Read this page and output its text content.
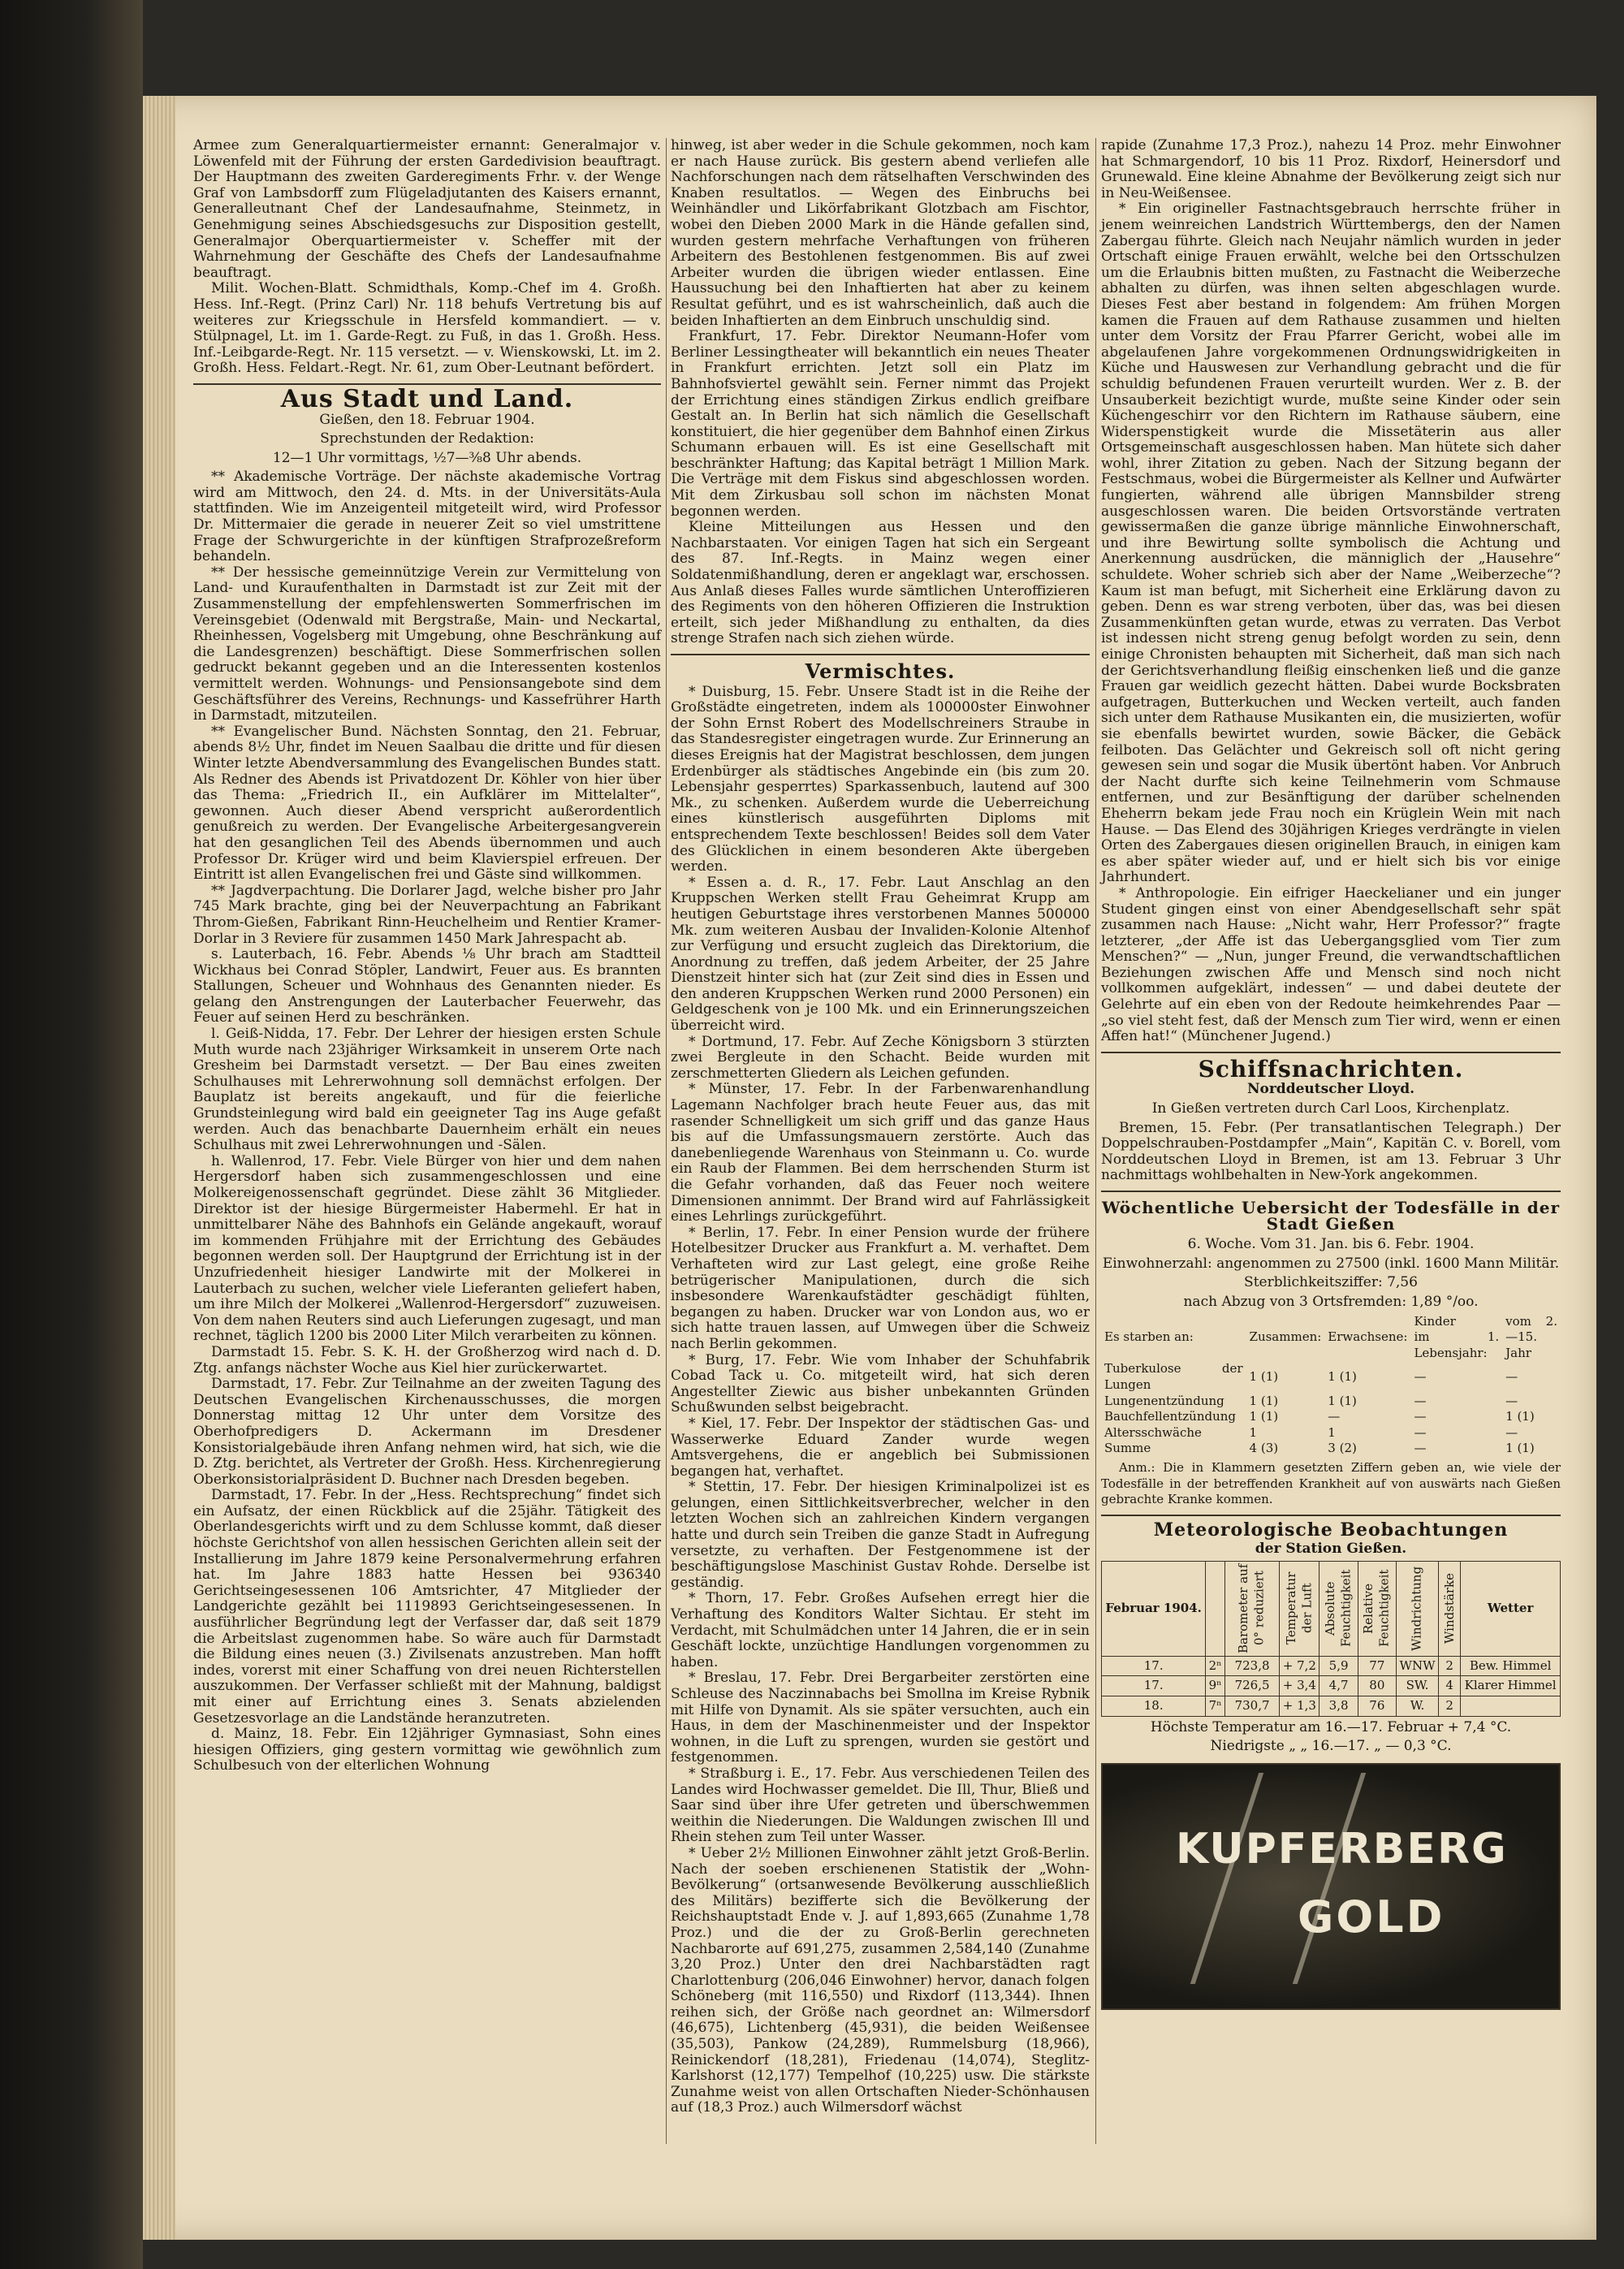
Armee zum Generalquartiermeister ernannt: Generalmajor v. Löwenfeld mit der Führung der ersten Gardedivision beauftragt. Der Hauptmann des zweiten Garderegiments Frhr. v. der Wenge Graf von Lambsdorff zum Flügeladjutanten des Kaisers ernannt, Generalleutnant Chef der Landesaufnahme, Steinmetz, in Genehmigung seines Abschiedsgesuchs zur Disposition gestellt, Generalmajor Oberquartiermeister v. Scheffer mit der Wahrnehmung der Geschäfte des Chefs der Landesaufnahme beauftragt.

Milit. Wochen-Blatt. Schmidthals, Komp.-Chef im 4. Großh. Hess. Inf.-Regt. (Prinz Carl) Nr. 118 behufs Vertretung bis auf weiteres zur Kriegsschule in Hersfeld kommandiert. — v. Stülpnagel, Lt. im 1. Garde-Regt. zu Fuß, in das 1. Großh. Hess. Inf.-Leibgarde-Regt. Nr. 115 versetzt. — v. Wienskowski, Lt. im 2. Großh. Hess. Feldart.-Regt. Nr. 61, zum Ober-Leutnant befördert.

Aus Stadt und Land.
Gießen, den 18. Februar 1904.
Sprechstunden der Redaktion:
12—1 Uhr vormittags, ½7—⅜8 Uhr abends.

** Akademische Vorträge. Der nächste akademische Vortrag wird am Mittwoch, den 24. d. Mts. in der Universitäts-Aula stattfinden. Wie im Anzeigenteil mitgeteilt wird, wird Professor Dr. Mittermaier die gerade in neuerer Zeit so viel umstrittene Frage der Schwurgerichte in der künftigen Strafprozeßreform behandeln.

** Der hessische gemeinnützige Verein zur Vermittelung von Land- und Kuraufenthalten in Darmstadt ist zur Zeit mit der Zusammenstellung der empfehlenswerten Sommerfrischen im Vereinsgebiet (Odenwald mit Bergstraße, Main- und Neckartal, Rheinhessen, Vogelsberg mit Umgebung, ohne Beschränkung auf die Landesgrenzen) beschäftigt. Diese Sommerfrischen sollen gedruckt bekannt gegeben und an die Interessenten kostenlos vermittelt werden. Wohnungs- und Pensionsangebote sind dem Geschäftsführer des Vereins, Rechnungs- und Kassefrührer Harth in Darmstadt, mitzuteilen.

** Evangelischer Bund. Nächsten Sonntag, den 21. Februar, abends 8½ Uhr, findet im Neuen Saalbau die dritte und für diesen Winter letzte Abendversammlung des Evangelischen Bundes statt. Als Redner des Abends ist Privatdozent Dr. Köhler von hier über das Thema: „Friedrich II., ein Aufklärer im Mittelalter“, gewonnen. Auch dieser Abend verspricht außerordentlich genußreich zu werden. Der Evangelische Arbeitergesangverein hat den gesanglichen Teil des Abends übernommen und auch Professor Dr. Krüger wird und beim Klavierspiel erfreuen. Der Eintritt ist allen Evangelischen frei und Gäste sind willkommen.

** Jagdverpachtung. Die Dorlarer Jagd, welche bisher pro Jahr 745 Mark brachte, ging bei der Neuverpachtung an Fabrikant Throm-Gießen, Fabrikant Rinn-Heuchelheim und Rentier Kramer-Dorlar in 3 Reviere für zusammen 1450 Mark Jahrespacht ab.

s. Lauterbach, 16. Febr. Abends ⅛ Uhr brach am Stadtteil Wickhaus bei Conrad Stöpler, Landwirt, Feuer aus. Es brannten Stallungen, Scheuer und Wohnhaus des Genannten nieder. Es gelang den Anstrengungen der Lauterbacher Feuerwehr, das Feuer auf seinen Herd zu beschränken.

l. Geiß-Nidda, 17. Febr. Der Lehrer der hiesigen ersten Schule Muth wurde nach 23jähriger Wirksamkeit in unserem Orte nach Gresheim bei Darmstadt versetzt. — Der Bau eines zweiten Schulhauses mit Lehrerwohnung soll demnächst erfolgen. Der Bauplatz ist bereits angekauft, und für die feierliche Grundsteinlegung wird bald ein geeigneter Tag ins Auge gefaßt werden. Auch das benachbarte Dauernheim erhält ein neues Schulhaus mit zwei Lehrerwohnungen und -Sälen.

h. Wallenrod, 17. Febr. Viele Bürger von hier und dem nahen Hergersdorf haben sich zusammengeschlossen und eine Molkereigenossenschaft gegründet. Diese zählt 36 Mitglieder. Direktor ist der hiesige Bürgermeister Habermehl. Er hat in unmittelbarer Nähe des Bahnhofs ein Gelände angekauft, worauf im kommenden Frühjahre mit der Errichtung des Gebäudes begonnen werden soll. Der Hauptgrund der Errichtung ist in der Unzufriedenheit hiesiger Landwirte mit der Molkerei in Lauterbach zu suchen, welcher viele Lieferanten geliefert haben, um ihre Milch der Molkerei „Wallenrod-Hergersdorf“ zuzuweisen. Von dem nahen Reuters sind auch Lieferungen zugesagt, und man rechnet, täglich 1200 bis 2000 Liter Milch verarbeiten zu können.

Darmstadt 15. Febr. S. K. H. der Großherzog wird nach d. D. Ztg. anfangs nächster Woche aus Kiel hier zurückerwartet.

Darmstadt, 17. Febr. Zur Teilnahme an der zweiten Tagung des Deutschen Evangelischen Kirchenausschusses, die morgen Donnerstag mittag 12 Uhr unter dem Vorsitze des Oberhofpredigers D. Ackermann im Dresdener Konsistorialgebäude ihren Anfang nehmen wird, hat sich, wie die D. Ztg. berichtet, als Vertreter der Großh. Hess. Kirchenregierung Oberkonsistorialpräsident D. Buchner nach Dresden begeben.

Darmstadt, 17. Febr. In der „Hess. Rechtsprechung“ findet sich ein Aufsatz, der einen Rückblick auf die 25jähr. Tätigkeit des Oberlandesgerichts wirft und zu dem Schlusse kommt, daß dieser höchste Gerichtshof von allen hessischen Gerichten allein seit der Installierung im Jahre 1879 keine Personalvermehrung erfahren hat. Im Jahre 1883 hatte Hessen bei 936340 Gerichtseingesessenen 106 Amtsrichter, 47 Mitglieder der Landgerichte gezählt bei 1119893 Gerichtseingesessenen. In ausführlicher Begründung legt der Verfasser dar, daß seit 1879 die Arbeitslast zugenommen habe. So wäre auch für Darmstadt die Bildung eines neuen (3.) Zivilsenats anzustreben. Man hofft indes, vorerst mit einer Schaffung von drei neuen Richterstellen auszukommen. Der Verfasser schließt mit der Mahnung, baldigst mit einer auf Errichtung eines 3. Senats abzielenden Gesetzesvorlage an die Landstände heranzutreten.

d. Mainz, 18. Febr. Ein 12jähriger Gymnasiast, Sohn eines hiesigen Offiziers, ging gestern vormittag wie gewöhnlich zum Schulbesuch von der elterlichen Wohnung

hinweg, ist aber weder in die Schule gekommen, noch kam er nach Hause zurück. Bis gestern abend verliefen alle Nachforschungen nach dem rätselhaften Verschwinden des Knaben resultatlos. — Wegen des Einbruchs bei Weinhändler und Likörfabrikant Glotzbach am Fischtor, wobei den Dieben 2000 Mark in die Hände gefallen sind, wurden gestern mehrfache Verhaftungen von früheren Arbeitern des Bestohlenen festgenommen. Bis auf zwei Arbeiter wurden die übrigen wieder entlassen. Eine Haussuchung bei den Inhaftierten hat aber zu keinem Resultat geführt, und es ist wahrscheinlich, daß auch die beiden Inhaftierten an dem Einbruch unschuldig sind.

Frankfurt, 17. Febr. Direktor Neumann-Hofer vom Berliner Lessingtheater will bekanntlich ein neues Theater in Frankfurt errichten. Jetzt soll ein Platz im Bahnhofsviertel gewählt sein. Ferner nimmt das Projekt der Errichtung eines ständigen Zirkus endlich greifbare Gestalt an. In Berlin hat sich nämlich die Gesellschaft konstituiert, die hier gegenüber dem Bahnhof einen Zirkus Schumann erbauen will. Es ist eine Gesellschaft mit beschränkter Haftung; das Kapital beträgt 1 Million Mark. Die Verträge mit dem Fiskus sind abgeschlossen worden. Mit dem Zirkusbau soll schon im nächsten Monat begonnen werden.

Kleine Mitteilungen aus Hessen und den Nachbarstaaten. Vor einigen Tagen hat sich ein Sergeant des 87. Inf.-Regts. in Mainz wegen einer Soldatenmißhandlung, deren er angeklagt war, erschossen. Aus Anlaß dieses Falles wurde sämtlichen Unteroffizieren des Regiments von den höheren Offizieren die Instruktion erteilt, sich jeder Mißhandlung zu enthalten, da dies strenge Strafen nach sich ziehen würde.

Vermischtes.

* Duisburg, 15. Febr. Unsere Stadt ist in die Reihe der Großstädte eingetreten, indem als 100000ster Einwohner der Sohn Ernst Robert des Modellschreiners Straube in das Standesregister eingetragen wurde. Zur Erinnerung an dieses Ereignis hat der Magistrat beschlossen, dem jungen Erdenbürger als städtisches Angebinde ein (bis zum 20. Lebensjahr gesperrtes) Sparkassenbuch, lautend auf 300 Mk., zu schenken. Außerdem wurde die Ueberreichung eines künstlerisch ausgeführten Diploms mit entsprechendem Texte beschlossen! Beides soll dem Vater des Glücklichen in einem besonderen Akte übergeben werden.

* Essen a. d. R., 17. Febr. Laut Anschlag an den Kruppschen Werken stellt Frau Geheimrat Krupp am heutigen Geburtstage ihres verstorbenen Mannes 500000 Mk. zum weiteren Ausbau der Invaliden-Kolonie Altenhof zur Verfügung und ersucht zugleich das Direktorium, die Anordnung zu treffen, daß jedem Arbeiter, der 25 Jahre Dienstzeit hinter sich hat (zur Zeit sind dies in Essen und den anderen Kruppschen Werken rund 2000 Personen) ein Geldgeschenk von je 100 Mk. und ein Erinnerungszeichen überreicht wird.

* Dortmund, 17. Febr. Auf Zeche Königsborn 3 stürzten zwei Bergleute in den Schacht. Beide wurden mit zerschmetterten Gliedern als Leichen gefunden.

* Münster, 17. Febr. In der Farbenwarenhandlung Lagemann Nachfolger brach heute Feuer aus, das mit rasender Schnelligkeit um sich griff und das ganze Haus bis auf die Umfassungsmauern zerstörte. Auch das danebenliegende Warenhaus von Steinmann u. Co. wurde ein Raub der Flammen. Bei dem herrschenden Sturm ist die Gefahr vorhanden, daß das Feuer noch weitere Dimensionen annimmt. Der Brand wird auf Fahrlässigkeit eines Lehrlings zurückgeführt.

* Berlin, 17. Febr. In einer Pension wurde der frühere Hotelbesitzer Drucker aus Frankfurt a. M. verhaftet. Dem Verhafteten wird zur Last gelegt, eine große Reihe betrügerischer Manipulationen, durch die sich insbesondere Warenkaufstädter geschädigt fühlten, begangen zu haben. Drucker war von London aus, wo er sich hatte trauen lassen, auf Umwegen über die Schweiz nach Berlin gekommen.

* Burg, 17. Febr. Wie vom Inhaber der Schuhfabrik Cobad Tack u. Co. mitgeteilt wird, hat sich deren Angestellter Ziewic aus bisher unbekannten Gründen Schußwunden selbst beigebracht.

* Kiel, 17. Febr. Der Inspektor der städtischen Gas- und Wasserwerke Eduard Zander wurde wegen Amtsvergehens, die er angeblich bei Submissionen begangen hat, verhaftet.

* Stettin, 17. Febr. Der hiesigen Kriminalpolizei ist es gelungen, einen Sittlichkeitsverbrecher, welcher in den letzten Wochen sich an zahlreichen Kindern vergangen hatte und durch sein Treiben die ganze Stadt in Aufregung versetzte, zu verhaften. Der Festgenommene ist der beschäftigungslose Maschinist Gustav Rohde. Derselbe ist geständig.

* Thorn, 17. Febr. Großes Aufsehen erregt hier die Verhaftung des Konditors Walter Sichtau. Er steht im Verdacht, mit Schulmädchen unter 14 Jahren, die er in sein Geschäft lockte, unzüchtige Handlungen vorgenommen zu haben.

* Breslau, 17. Febr. Drei Bergarbeiter zerstörten eine Schleuse des Naczinnabachs bei Smollna im Kreise Rybnik mit Hilfe von Dynamit. Als sie später versuchten, auch ein Haus, in dem der Maschinenmeister und der Inspektor wohnen, in die Luft zu sprengen, wurden sie gestört und festgenommen.

* Straßburg i. E., 17. Febr. Aus verschiedenen Teilen des Landes wird Hochwasser gemeldet. Die Ill, Thur, Bließ und Saar sind über ihre Ufer getreten und überschwemmen weithin die Niederungen. Die Waldungen zwischen Ill und Rhein stehen zum Teil unter Wasser.

* Ueber 2½ Millionen Einwohner zählt jetzt Groß-Berlin. Nach der soeben erschienenen Statistik der „Wohn-Bevölkerung“ (ortsanwesende Bevölkerung ausschließlich des Militärs) bezifferte sich die Bevölkerung der Reichshauptstadt Ende v. J. auf 1,893,665 (Zunahme 1,78 Proz.) und die der zu Groß-Berlin gerechneten Nachbarorte auf 691,275, zusammen 2,584,140 (Zunahme 3,20 Proz.) Unter den drei Nachbarstädten ragt Charlottenburg (206,046 Einwohner) hervor, danach folgen Schöneberg (mit 116,550) und Rixdorf (113,344). Ihnen reihen sich, der Größe nach geordnet an: Wilmersdorf (46,675), Lichtenberg (45,931), die beiden Weißensee (35,503), Pankow (24,289), Rummelsburg (18,966), Reinickendorf (18,281), Friedenau (14,074), Steglitz-Karlshorst (12,177) Tempelhof (10,225) usw. Die stärkste Zunahme weist von allen Ortschaften Nieder-Schönhausen auf (18,3 Proz.) auch Wilmersdorf wächst

rapide (Zunahme 17,3 Proz.), nahezu 14 Proz. mehr Einwohner hat Schmargendorf, 10 bis 11 Proz. Rixdorf, Heinersdorf und Grunewald. Eine kleine Abnahme der Bevölkerung zeigt sich nur in Neu-Weißensee.

* Ein origineller Fastnachtsgebrauch herrschte früher in jenem weinreichen Landstrich Württembergs, den der Namen Zabergau führte. Gleich nach Neujahr nämlich wurden in jeder Ortschaft einige Frauen erwählt, welche bei den Ortsschulzen um die Erlaubnis bitten mußten, zu Fastnacht die Weiberzeche abhalten zu dürfen, was ihnen selten abgeschlagen wurde. Dieses Fest aber bestand in folgendem: Am frühen Morgen kamen die Frauen auf dem Rathause zusammen und hielten unter dem Vorsitz der Frau Pfarrer Gericht, wobei alle im abgelaufenen Jahre vorgekommenen Ordnungswidrigkeiten in Küche und Hauswesen zur Verhandlung gebracht und die für schuldig befundenen Frauen verurteilt wurden. Wer z. B. der Unsauberkeit bezichtigt wurde, mußte seine Kinder oder sein Küchengeschirr vor den Richtern im Rathause säubern, eine Widerspenstigkeit wurde die Missetäterin aus aller Ortsgemeinschaft ausgeschlossen haben. Man hütete sich daher wohl, ihrer Zitation zu geben. Nach der Sitzung begann der Festschmaus, wobei die Bürgermeister als Kellner und Aufwärter fungierten, während alle übrigen Mannsbilder streng ausgeschlossen waren. Die beiden Ortsvorstände vertraten gewissermaßen die ganze übrige männliche Einwohnerschaft, und ihre Bewirtung sollte symbolisch die Achtung und Anerkennung ausdrücken, die männiglich der „Hausehre“ schuldete. Woher schrieb sich aber der Name „Weiberzeche“? Kaum ist man befugt, mit Sicherheit eine Erklärung davon zu geben. Denn es war streng verboten, über das, was bei diesen Zusammenkünften getan wurde, etwas zu verraten. Das Verbot ist indessen nicht streng genug befolgt worden zu sein, denn einige Chronisten behaupten mit Sicherheit, daß man sich nach der Gerichtsverhandlung fleißig einschenken ließ und die ganze Frauen gar weidlich gezecht hätten. Dabei wurde Bocksbraten aufgetragen, Butterkuchen und Wecken verteilt, auch fanden sich unter dem Rathause Musikanten ein, die musizierten, wofür sie ebenfalls bewirtet wurden, sowie Bäcker, die Gebäck feilboten. Das Gelächter und Gekreisch soll oft nicht gering gewesen sein und sogar die Musik übertönt haben. Vor Anbruch der Nacht durfte sich keine Teilnehmerin vom Schmause entfernen, und zur Besänftigung der darüber schelnenden Eheherrn bekam jede Frau noch ein Krüglein Wein mit nach Hause. — Das Elend des 30jährigen Krieges verdrängte in vielen Orten des Zabergaues diesen originellen Brauch, in einigen kam es aber später wieder auf, und er hielt sich bis vor einige Jahrhundert.

* Anthropologie. Ein eifriger Haeckelianer und ein junger Student gingen einst von einer Abendgesellschaft sehr spät zusammen nach Hause: „Nicht wahr, Herr Professor?“ fragte letzterer, „der Affe ist das Uebergangsglied vom Tier zum Menschen?“ — „Nun, junger Freund, die verwandtschaftlichen Beziehungen zwischen Affe und Mensch sind noch nicht vollkommen aufgeklärt, indessen“ — und dabei deutete der Gelehrte auf ein eben von der Redoute heimkehrendes Paar — „so viel steht fest, daß der Mensch zum Tier wird, wenn er einen Affen hat!“ (Münchener Jugend.)

Schiffsnachrichten.
Norddeutscher Lloyd.
In Gießen vertreten durch Carl Loos, Kirchenplatz.

Bremen, 15. Febr. (Per transatlantischen Telegraph.) Der Doppelschrauben-Postdampfer „Main“, Kapitän C. v. Borell, vom Norddeutschen Lloyd in Bremen, ist am 13. Februar 3 Uhr nachmittags wohlbehalten in New-York angekommen.

Wöchentliche Uebersicht der Todesfälle in der Stadt Gießen
6. Woche. Vom 31. Jan. bis 6. Febr. 1904.
Einwohnerzahl: angenommen zu 27500 (inkl. 1600 Mann Militär.
Sterblichkeitsziffer: 7,56
nach Abzug von 3 Ortsfremden: 1,89 °/oo.
Es starben an:	Zusammen:	Erwachsene:	Kinder
im 1. Lebensjahr:	vom 2.—15. Jahr
Tuberkulose der Lungen	1 (1)	1 (1)	—	—
Lungenentzündung	1 (1)	1 (1)	—	—
Bauchfellentzündung	1 (1)	—	—	1 (1)
Altersschwäche	1	1	—	—
Summe	4 (3)	3 (2)	—	1 (1)

Anm.: Die in Klammern gesetzten Ziffern geben an, wie viele der Todesfälle in der betreffenden Krankheit auf von auswärts nach Gießen gebrachte Kranke kommen.

Meteorologische Beobachtungen
der Station Gießen.
Februar 1904.		Barometer auf 0° reduziert	Temperatur der Luft	Absolute Feuchtigkeit	Relative Feuchtigkeit	Windrichtung	Windstärke	Wetter
17.	2ⁿ	723,8	+ 7,2	5,9	77	WNW	2	Bew. Himmel
17.	9ⁿ	726,5	+ 3,4	4,7	80	SW.	4	Klarer Himmel
18.	7ⁿ	730,7	+ 1,3	3,8	76	W.	2	
Höchste Temperatur am 16.—17. Februar + 7,4 °C.
Niedrigste „ „ 16.—17. „ — 0,3 °C.
KUPFERBERG
GOLD
